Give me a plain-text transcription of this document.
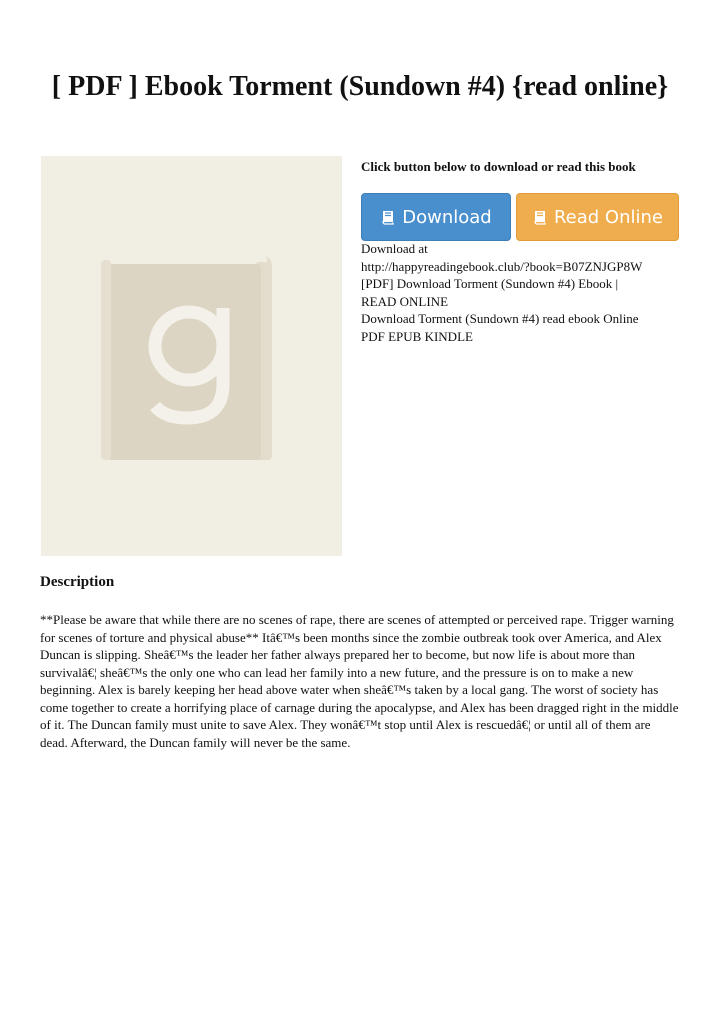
[ PDF ] Ebook Torment (Sundown #4) {read online}
Click button below to download or read this book
Download	Read Online
Download at
http://happyreadingebook.club/?book=B07ZNJGP8W
[PDF] Download Torment (Sundown #4) Ebook |
READ ONLINE
Download Torment (Sundown #4) read ebook Online
PDF EPUB KINDLE
Description
**Please be aware that while there are no scenes of rape, there are scenes of attempted or perceived rape. Trigger warning for scenes of torture and physical abuse** Itâ€™s been months since the zombie outbreak took over America, and Alex Duncan is slipping. Sheâ€™s the leader her father always prepared her to become, but now life is about more than survivalâ€¦ sheâ€™s the only one who can lead her family into a new future, and the pressure is on to make a new beginning. Alex is barely keeping her head above water when sheâ€™s taken by a local gang. The worst of society has come together to create a horrifying place of carnage during the apocalypse, and Alex has been dragged right in the middle of it. The Duncan family must unite to save Alex. They wonâ€™t stop until Alex is rescuedâ€¦ or until all of them are dead. Afterward, the Duncan family will never be the same.
